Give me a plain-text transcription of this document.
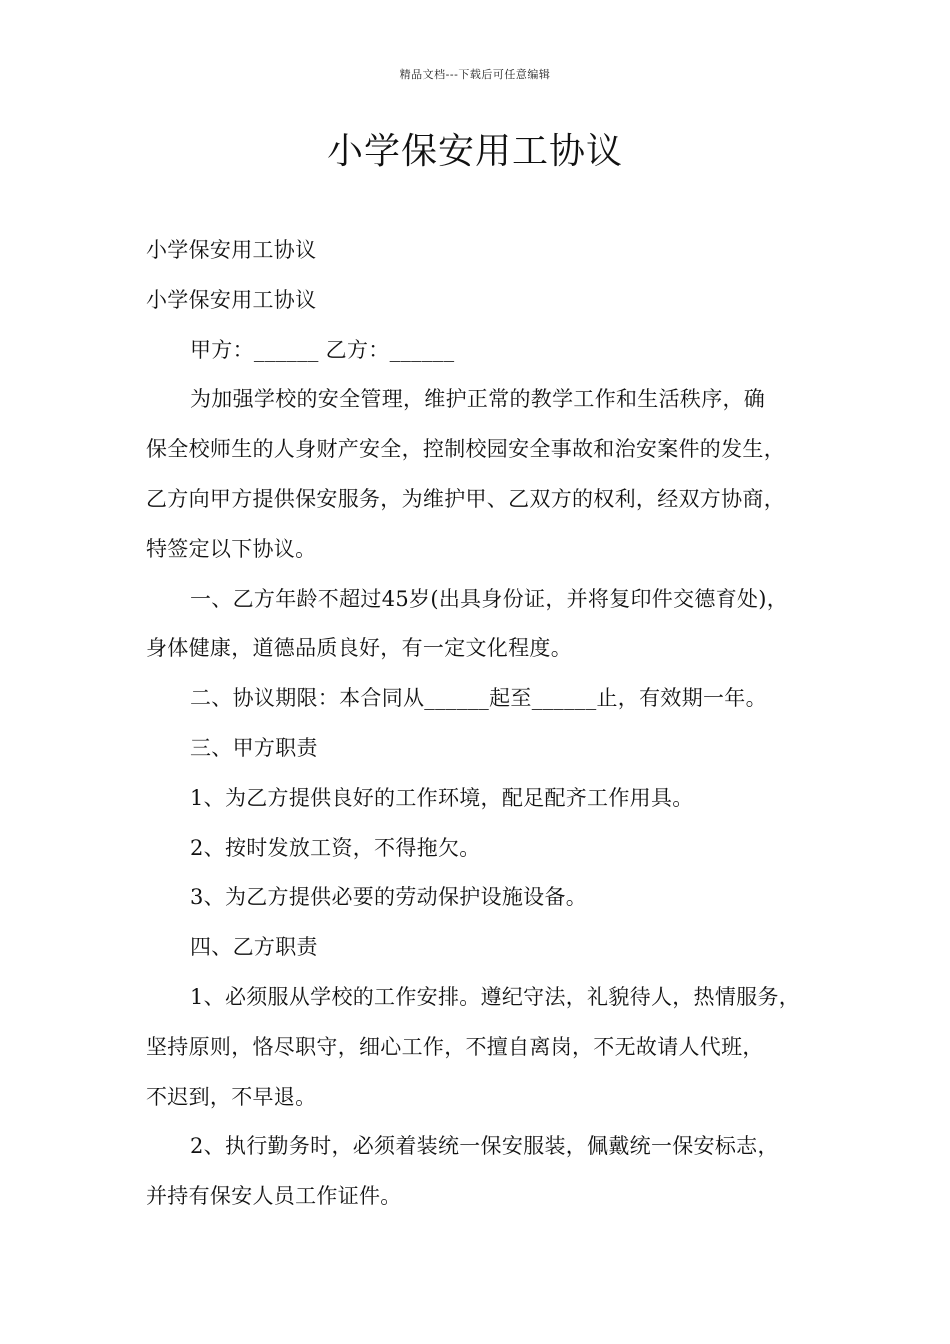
精品文档---下载后可任意编辑
小学保安用工协议
小学保安用工协议
小学保安用工协议
甲方：______ 乙方：______
为加强学校的安全管理，维护正常的教学工作和生活秩序，确
保全校师生的人身财产安全，控制校园安全事故和治安案件的发生，
乙方向甲方提供保安服务，为维护甲、乙双方的权利，经双方协商，
特签定以下协议。
一、乙方年龄不超过45岁(出具身份证，并将复印件交德育处)，
身体健康，道德品质良好，有一定文化程度。
二、协议期限：本合同从______起至______止，有效期一年。
三、甲方职责
1、为乙方提供良好的工作环境，配足配齐工作用具。
2、按时发放工资，不得拖欠。
3、为乙方提供必要的劳动保护设施设备。
四、乙方职责
1、必须服从学校的工作安排。遵纪守法，礼貌待人，热情服务，
坚持原则，恪尽职守，细心工作，不擅自离岗，不无故请人代班，
不迟到，不早退。
2、执行勤务时，必须着装统一保安服装，佩戴统一保安标志，
并持有保安人员工作证件。
